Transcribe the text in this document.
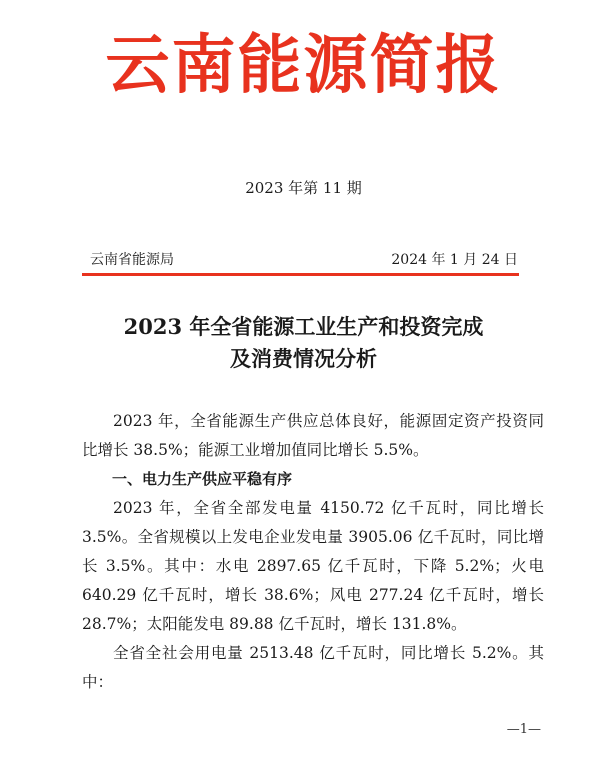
云南能源简报
2023 年第 11 期
云南省能源局	2024 年 1 月 24 日
2023 年全省能源工业生产和投资完成
及消费情况分析

2023 年，全省能源生产供应总体良好，能源固定资产投资同比增长 38.5%；能源工业增加值同比增长 5.5%。

一、电力生产供应平稳有序

2023 年，全省全部发电量 4150.72 亿千瓦时，同比增长 3.5%。全省规模以上发电企业发电量 3905.06 亿千瓦时，同比增长 3.5%。其中：水电 2897.65 亿千瓦时，下降 5.2%；火电 640.29 亿千瓦时，增长 38.6%；风电 277.24 亿千瓦时，增长 28.7%；太阳能发电 89.88 亿千瓦时，增长 131.8%。

全省全社会用电量 2513.48 亿千瓦时，同比增长 5.2%。其中：

—1—
